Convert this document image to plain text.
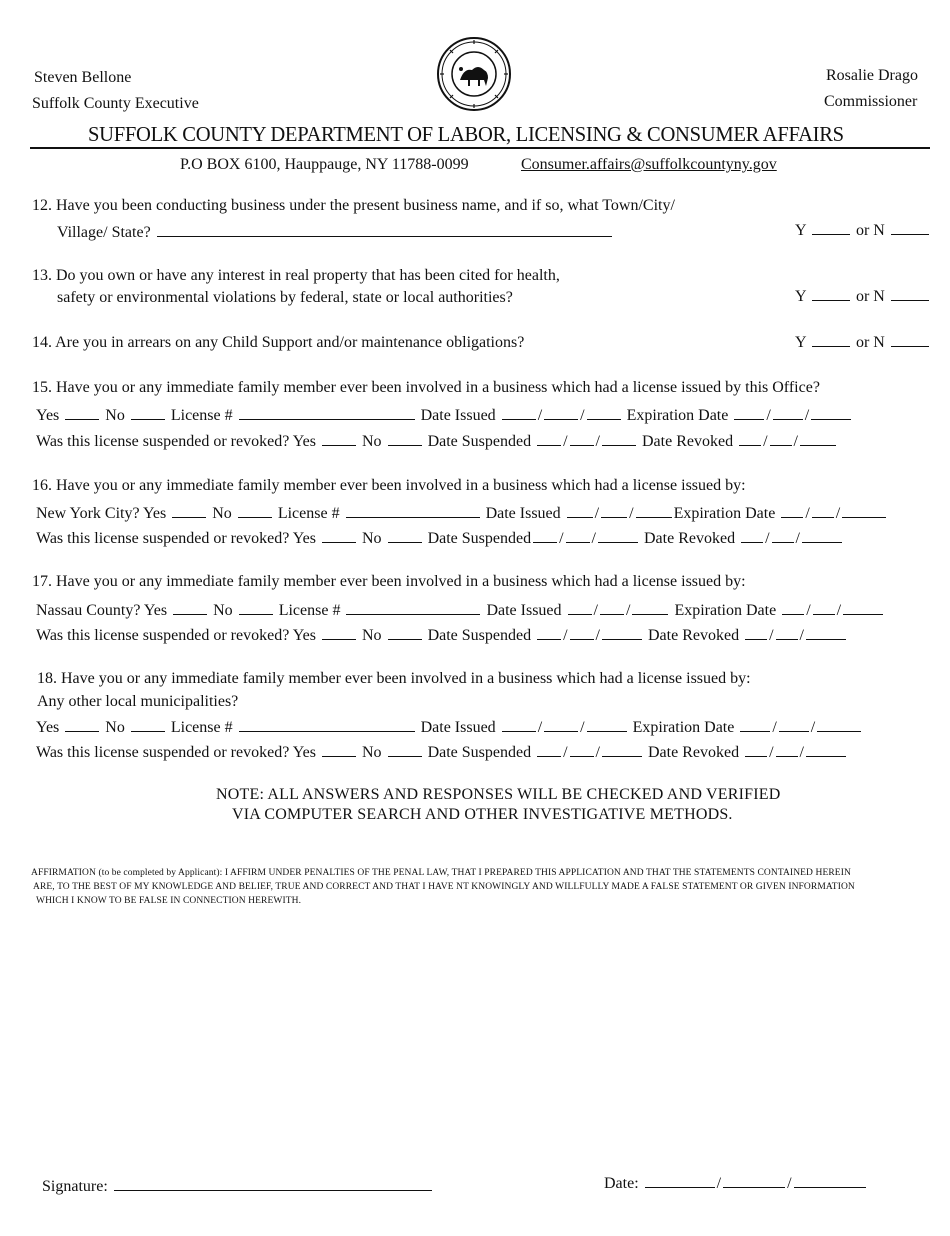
Steven Bellone
Suffolk County Executive
Rosalie Drago
Commissioner
SUFFOLK COUNTY DEPARTMENT OF LABOR, LICENSING & CONSUMER AFFAIRS
P.O BOX 6100, Hauppauge, NY 11788-0099	Consumer.affairs@suffolkcountyny.gov
12. Have you been conducting business under the present business name, and if so, what Town/City/
Village/ State?	Y	or N
13. Do you own or have any interest in real property that has been cited for health,
safety or environmental violations by federal, state or local authorities?	Y	or N
14. Are you in arrears on any Child Support and/or maintenance obligations?	Y	or N
15. Have you or any immediate family member ever been involved in a business which had a license issued by this Office?
Yes	No	License #	Date Issued	/ /	Expiration Date / /
Was this license suspended or revoked? Yes	No	Date Suspended / /	Date Revoked / /
16. Have you or any immediate family member ever been involved in a business which had a license issued by:
New York City? Yes	No	License #	Date Issued / /	Expiration Date / /
Was this license suspended or revoked? Yes	No	Date Suspended / /	Date Revoked / /
17. Have you or any immediate family member ever been involved in a business which had a license issued by:
Nassau County? Yes	No	License #	Date Issued / /	Expiration Date / /
Was this license suspended or revoked? Yes	No	Date Suspended / /	Date Revoked / /
18. Have you or any immediate family member ever been involved in a business which had a license issued by:
Any other local municipalities?
Yes	No	License #	Date Issued	/ /	Expiration Date / /
Was this license suspended or revoked? Yes	No	Date Suspended / /	Date Revoked / /
NOTE: ALL ANSWERS AND RESPONSES WILL BE CHECKED AND VERIFIED
VIA COMPUTER SEARCH AND OTHER INVESTIGATIVE METHODS.
AFFIRMATION (to be completed by Applicant): I AFFIRM UNDER PENALTIES OF THE PENAL LAW, THAT I PREPARED THIS APPLICATION AND THAT THE STATEMENTS CONTAINED HEREIN
ARE, TO THE BEST OF MY KNOWLEDGE AND BELIEF, TRUE AND CORRECT AND THAT I HAVE NT KNOWINGLY AND WILLFULLY MADE A FALSE STATEMENT OR GIVEN INFORMATION
WHICH I KNOW TO BE FALSE IN CONNECTION HEREWITH.
Signature:	Date:	/	/
